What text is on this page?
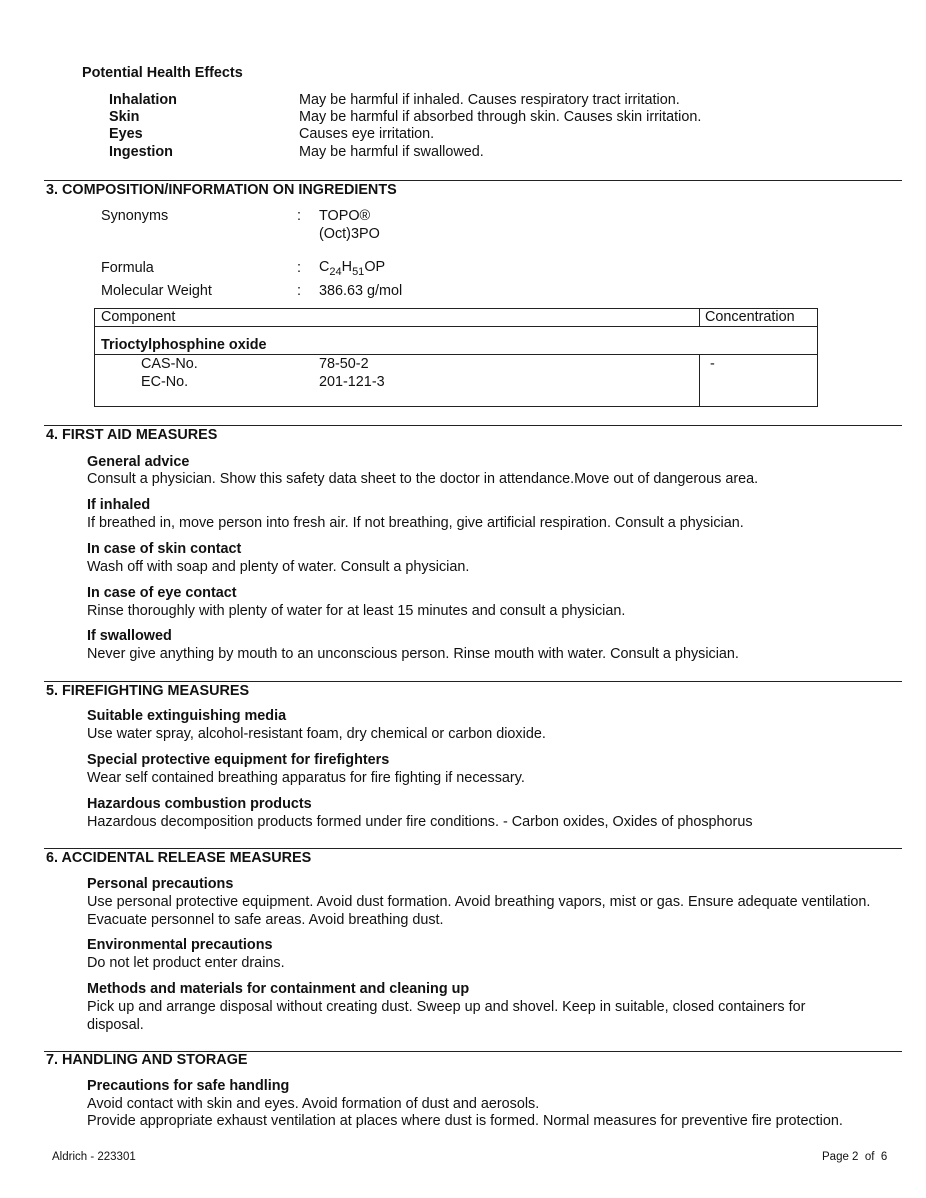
Potential Health Effects
Inhalation	May be harmful if inhaled. Causes respiratory tract irritation.
Skin	May be harmful if absorbed through skin. Causes skin irritation.
Eyes	Causes eye irritation.
Ingestion	May be harmful if swallowed.
3. COMPOSITION/INFORMATION ON INGREDIENTS
Synonyms	: TOPO®
(Oct)3PO
Formula	: $C_{24}H_{51}OP$
Molecular Weight	: 386.63 g/mol
Component	Concentration
Trioctylphosphine oxide	

CAS-No. 78-50-2
EC-No. 201-121-3	-
4. FIRST AID MEASURES
General advice
Consult a physician. Show this safety data sheet to the doctor in attendance.Move out of dangerous area.
If inhaled
If breathed in, move person into fresh air. If not breathing, give artificial respiration. Consult a physician.
In case of skin contact
Wash off with soap and plenty of water. Consult a physician.
In case of eye contact
Rinse thoroughly with plenty of water for at least 15 minutes and consult a physician.
If swallowed
Never give anything by mouth to an unconscious person. Rinse mouth with water. Consult a physician.
5. FIREFIGHTING MEASURES
Suitable extinguishing media
Use water spray, alcohol-resistant foam, dry chemical or carbon dioxide.
Special protective equipment for firefighters
Wear self contained breathing apparatus for fire fighting if necessary.
Hazardous combustion products
Hazardous decomposition products formed under fire conditions. - Carbon oxides, Oxides of phosphorus
6. ACCIDENTAL RELEASE MEASURES
Personal precautions
Use personal protective equipment. Avoid dust formation. Avoid breathing vapors, mist or gas. Ensure adequate ventilation. Evacuate personnel to safe areas. Avoid breathing dust.
Environmental precautions
Do not let product enter drains.
Methods and materials for containment and cleaning up
Pick up and arrange disposal without creating dust. Sweep up and shovel. Keep in suitable, closed containers for disposal.
7. HANDLING AND STORAGE
Precautions for safe handling
Avoid contact with skin and eyes. Avoid formation of dust and aerosols.
Provide appropriate exhaust ventilation at places where dust is formed. Normal measures for preventive fire protection.
Aldrich - 223301	Page 2  of  6
